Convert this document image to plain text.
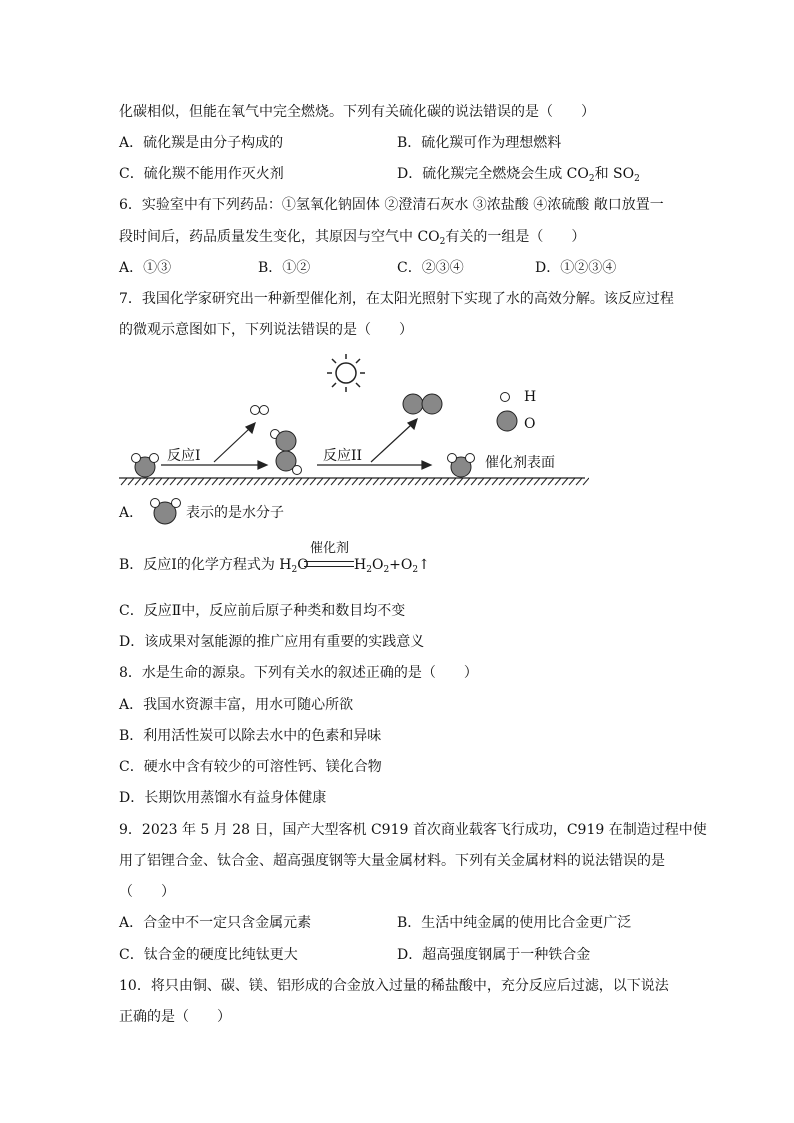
化碳相似，但能在氧气中完全燃烧。下列有关硫化碳的说法错误的是（　　）
A．硫化羰是由分子构成的	B．硫化羰可作为理想燃料
C．硫化羰不能用作灭火剂	D．硫化羰完全燃烧会生成 $CO_2$和 $SO_2$
6．实验室中有下列药品：①氢氧化钠固体 ②澄清石灰水 ③浓盐酸 ④浓硫酸 敞口放置一
段时间后，药品质量发生变化，其原因与空气中 $CO_2$有关的一组是（　　）
A．①③	B．①②	C．②③④	D．①②③④
7．我国化学家研究出一种新型催化剂，在太阳光照射下实现了水的高效分解。该反应过程
的微观示意图如下，下列说法错误的是（　　）
反应I	反应II	催化剂表面
H
O
A．	表示的是水分子
B．反应Ⅰ的化学方程式为 $H_2O$
催化剂
$H_2O_2+O_2↑$
C．反应Ⅱ中，反应前后原子种类和数目均不变
D．该成果对氢能源的推广应用有重要的实践意义
8．水是生命的源泉。下列有关水的叙述正确的是（　　）
A．我国水资源丰富，用水可随心所欲
B．利用活性炭可以除去水中的色素和异味
C．硬水中含有较少的可溶性钙、镁化合物
D．长期饮用蒸馏水有益身体健康
9．2023 年 5 月 28 日，国产大型客机 C919 首次商业载客飞行成功，C919 在制造过程中使
用了铝锂合金、钛合金、超高强度钢等大量金属材料。下列有关金属材料的说法错误的是
（　　）
A．合金中不一定只含金属元素	B．生活中纯金属的使用比合金更广泛
C．钛合金的硬度比纯钛更大	D．超高强度钢属于一种铁合金
10．将只由铜、碳、镁、铝形成的合金放入过量的稀盐酸中，充分反应后过滤，以下说法
正确的是（　　）
